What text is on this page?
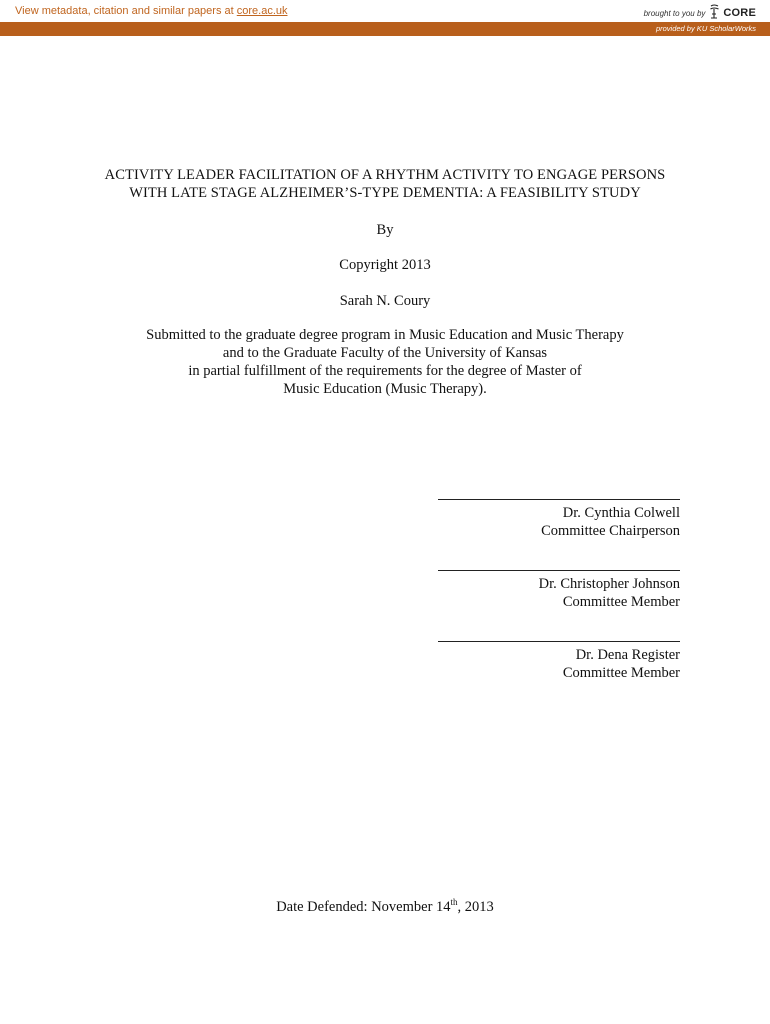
View metadata, citation and similar papers at core.ac.uk	brought to you by CORE
provided by KU ScholarWorks
ACTIVITY LEADER FACILITATION OF A RHYTHM ACTIVITY TO ENGAGE PERSONS
WITH LATE STAGE ALZHEIMER’S-TYPE DEMENTIA: A FEASIBILITY STUDY
By
Copyright 2013
Sarah N. Coury
Submitted to the graduate degree program in Music Education and Music Therapy
and to the Graduate Faculty of the University of Kansas
in partial fulfillment of the requirements for the degree of Master of
Music Education (Music Therapy).
Dr. Cynthia Colwell
Committee Chairperson
Dr. Christopher Johnson
Committee Member
Dr. Dena Register
Committee Member
Date Defended: November 14th, 2013
